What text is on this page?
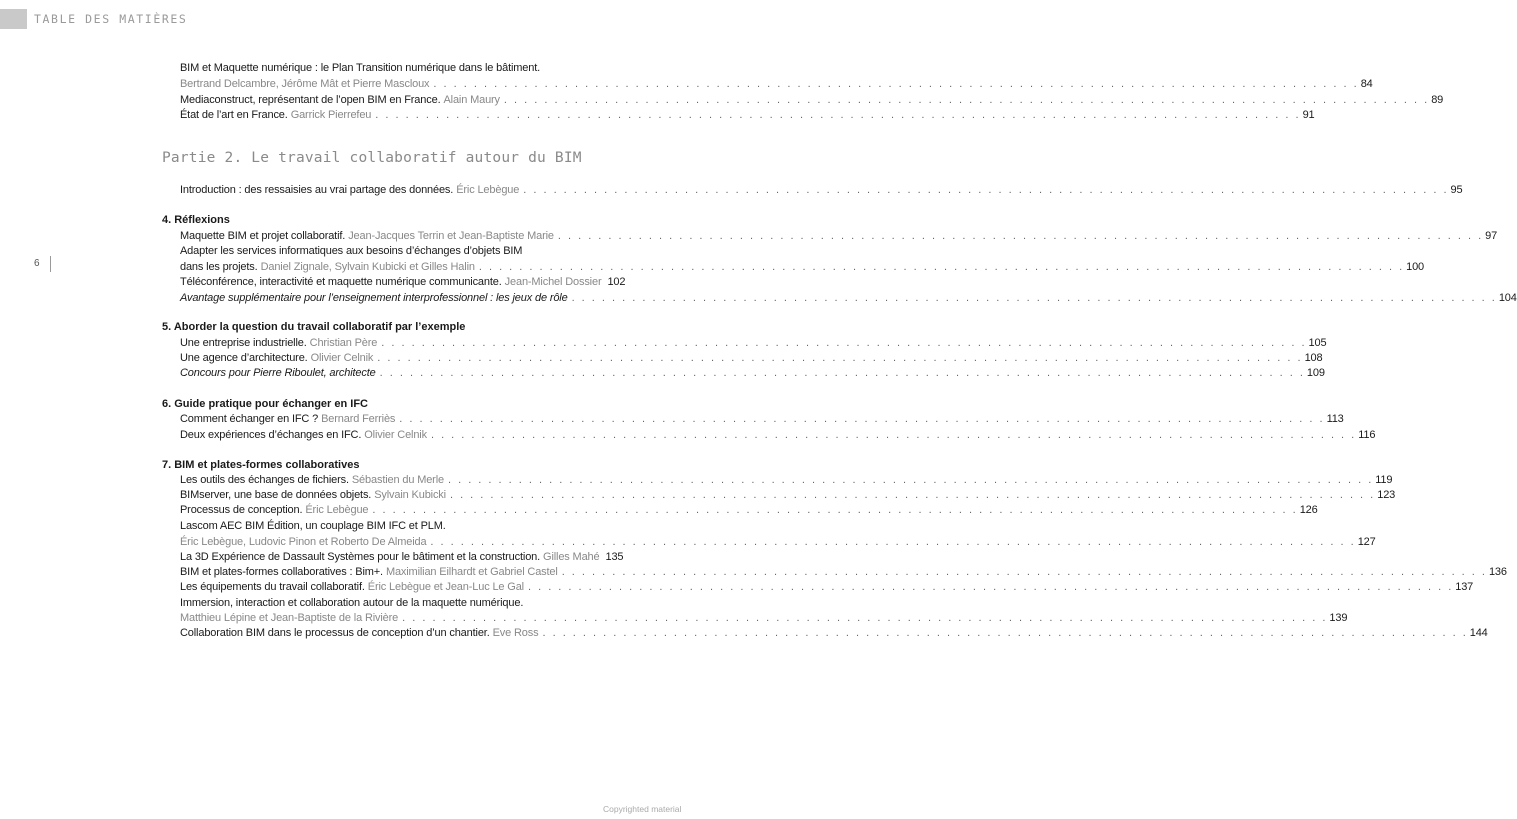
TABLE DES MATIÈRES
6
BIM et Maquette numérique : le Plan Transition numérique dans le bâtiment.
Bertrand Delcambre, Jérôme Mât et Pierre Mascloux . . .	84
Mediaconstruct, représentant de l’open BIM en France. Alain Maury . . .	89
État de l’art en France. Garrick Pierrefeu . . .	91
Partie 2. Le travail collaboratif autour du BIM
Introduction : des ressaisies au vrai partage des données. Éric Lebègue . . .	95
4. Réflexions
Maquette BIM et projet collaboratif. Jean-Jacques Terrin et Jean-Baptiste Marie . . .	97
Adapter les services informatiques aux besoins d’échanges d’objets BIM
dans les projets. Daniel Zignale, Sylvain Kubicki et Gilles Halin . . .	100
Téléconférence, interactivité et maquette numérique communicante. Jean-Michel Dossier 102
Avantage supplémentaire pour l’enseignement interprofessionnel : les jeux de rôle . . .	104
5. Aborder la question du travail collaboratif par l’exemple
Une entreprise industrielle. Christian Père . . .	105
Une agence d’architecture. Olivier Celnik . . .	108
Concours pour Pierre Riboulet, architecte . . .	109
6. Guide pratique pour échanger en IFC
Comment échanger en IFC ? Bernard Ferriès . . .	113
Deux expériences d’échanges en IFC. Olivier Celnik . . .	116
7. BIM et plates-formes collaboratives
Les outils des échanges de fichiers. Sébastien du Merle . . .	119
BIMserver, une base de données objets. Sylvain Kubicki . . .	123
Processus de conception. Éric Lebègue . . .	126
Lascom AEC BIM Édition, un couplage BIM IFC et PLM.
Éric Lebègue, Ludovic Pinon et Roberto De Almeida . . .	127
La 3D Expérience de Dassault Systèmes pour le bâtiment et la construction. Gilles Mahé 135
BIM et plates-formes collaboratives : Bim+. Maximilian Eilhardt et Gabriel Castel . . .	136
Les équipements du travail collaboratif. Éric Lebègue et Jean-Luc Le Gal . . .	137
Immersion, interaction et collaboration autour de la maquette numérique.
Matthieu Lépine et Jean-Baptiste de la Rivière . . .	139
Collaboration BIM dans le processus de conception d’un chantier. Eve Ross . . .	144
Copyrighted material
